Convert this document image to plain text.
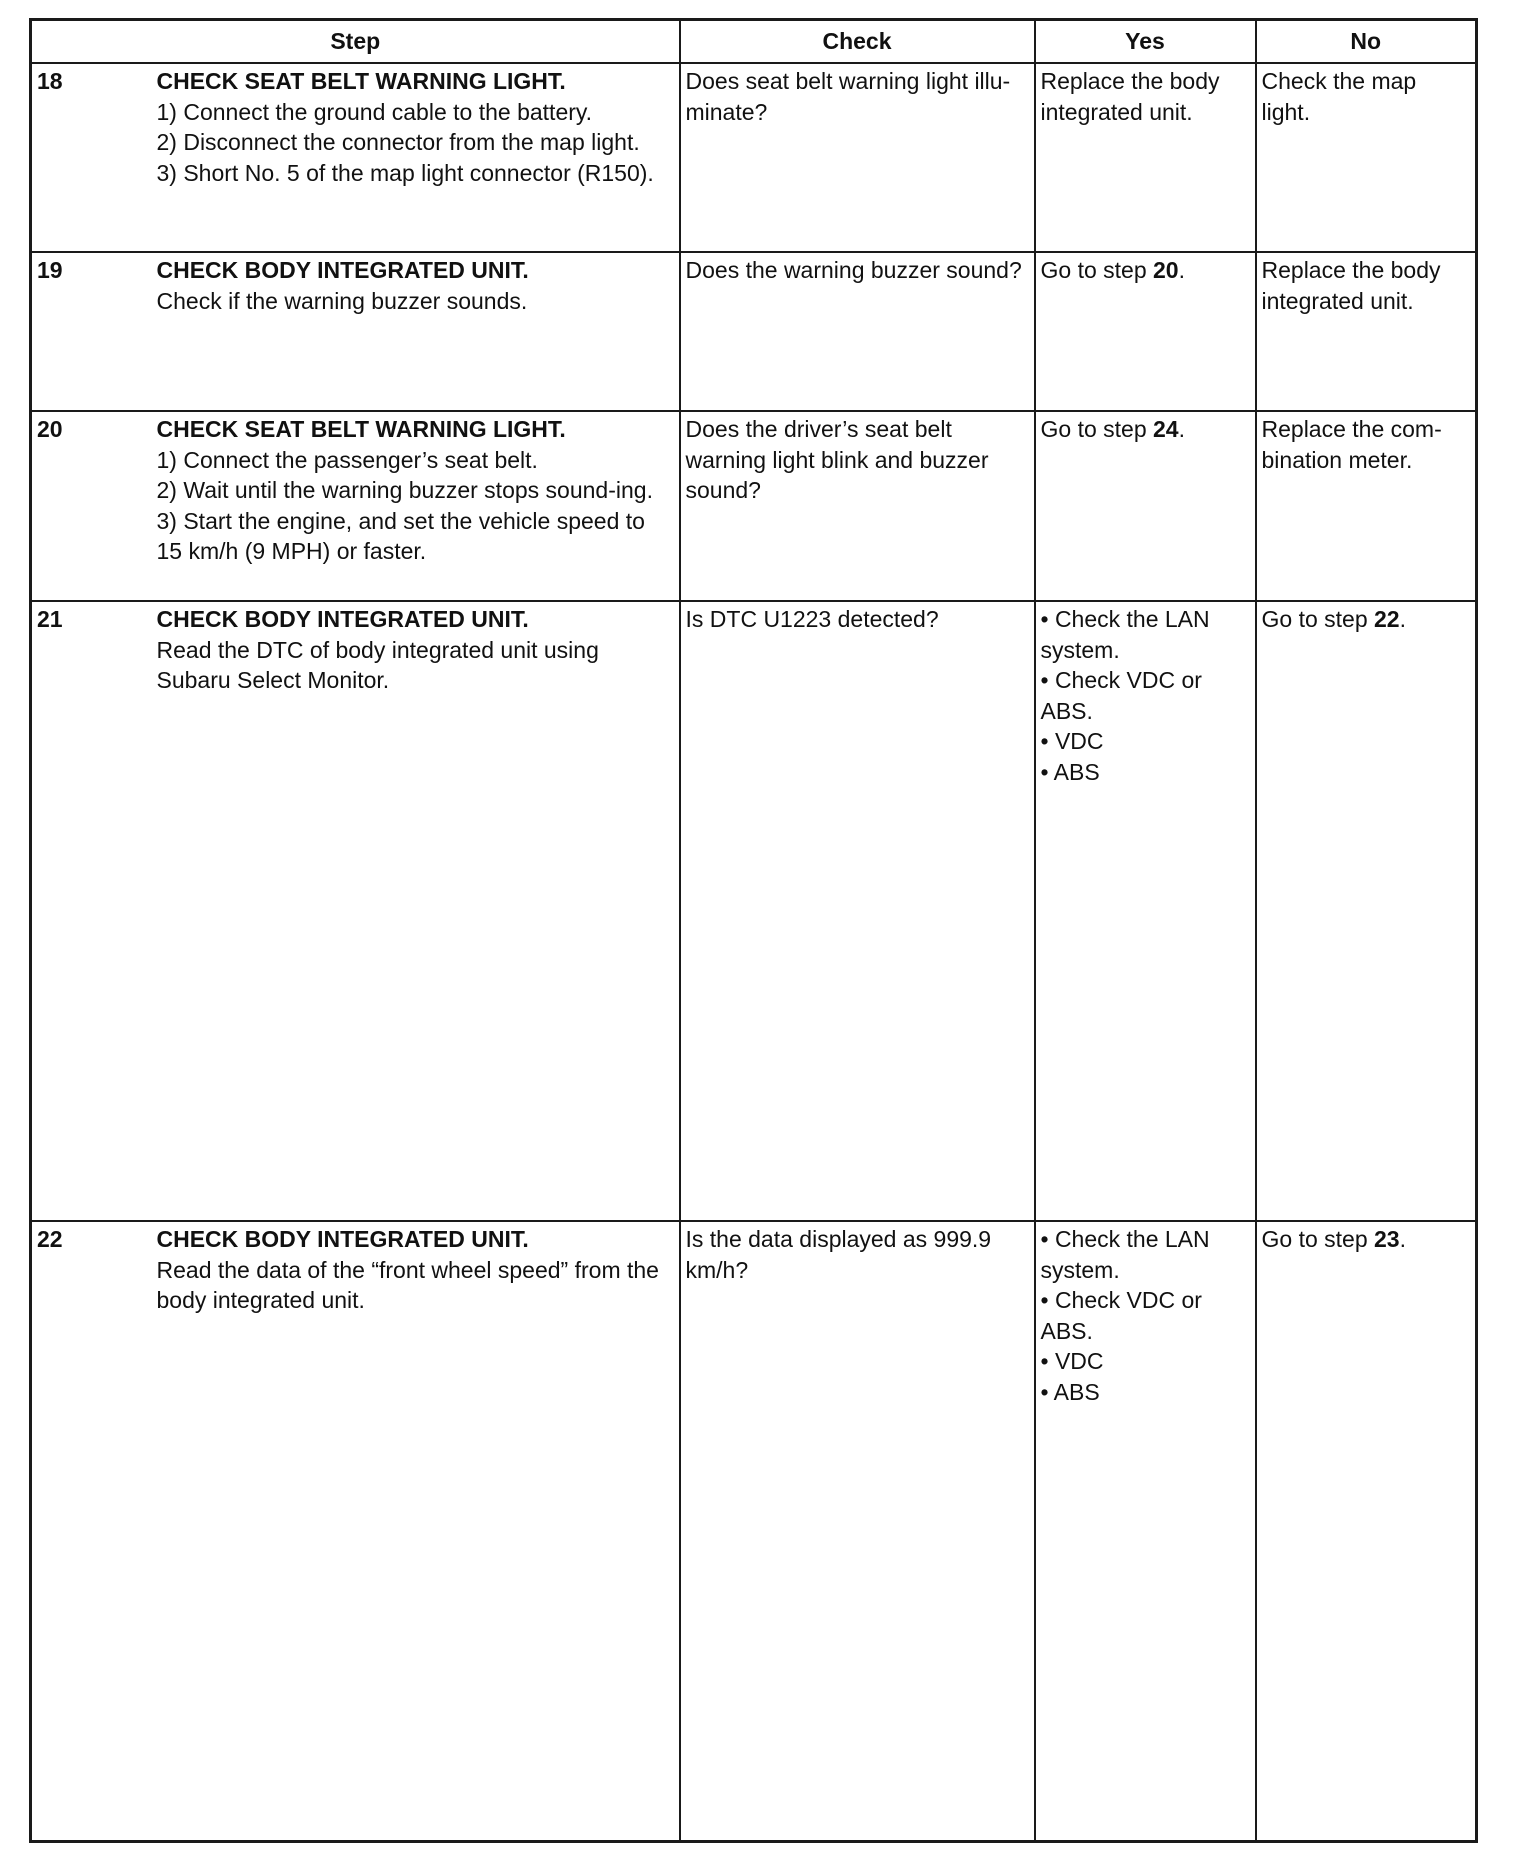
Step		Check	Yes	No
18	CHECK SEAT BELT WARNING LIGHT.
1) Connect the ground cable to the battery.
2) Disconnect the connector from the map light.
3) Short No. 5 of the map light connector (R150).	Does seat belt warning light illu-minate?	Replace the body integrated unit.	Check the map light.
19	CHECK BODY INTEGRATED UNIT.
Check if the warning buzzer sounds.	Does the warning buzzer sound?	Go to step 20.	Replace the body integrated unit.
20	CHECK SEAT BELT WARNING LIGHT.
1) Connect the passenger’s seat belt.
2) Wait until the warning buzzer stops sound-ing.
3) Start the engine, and set the vehicle speed to 15 km/h (9 MPH) or faster.	Does the driver’s seat belt warning light blink and buzzer sound?	Go to step 24.	Replace the com-bination meter.
21	CHECK BODY INTEGRATED UNIT.
Read the DTC of body integrated unit using Subaru Select Monitor.	Is DTC U1223 detected?	• Check the LAN system.
• Check VDC or ABS.
• VDC
• ABS	Go to step 22.
22	CHECK BODY INTEGRATED UNIT.
Read the data of the “front wheel speed” from the body integrated unit.	Is the data displayed as 999.9 km/h?	• Check the LAN system.
• Check VDC or ABS.
• VDC
• ABS	Go to step 23.
